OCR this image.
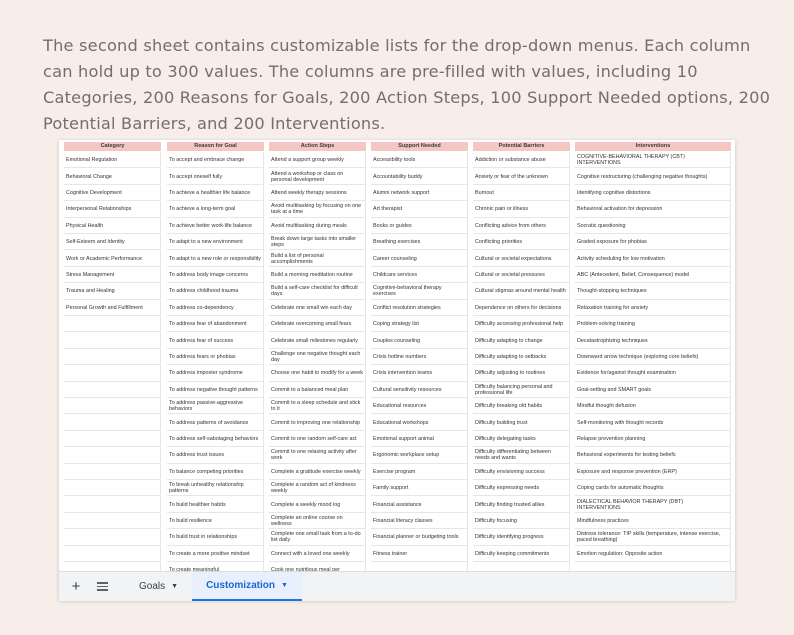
The second sheet contains customizable lists for the drop-down menus. Each column can hold up to 300 values. The columns are pre-filled with values, including 10 Categories, 200 Reasons for Goals, 200 Action Steps, 100 Support Needed options, 200 Potential Barriers, and 200 Interventions.

Category
Emotional Regulation
Behavioral Change
Cognitive Development
Interpersonal Relationships
Physical Health
Self-Esteem and Identity
Work or Academic Performance
Stress Management
Trauma and Healing
Personal Growth and Fulfillment
Reason for Goal
To accept and embrace change
To accept oneself fully
To achieve a healthier life balance
To achieve a long-term goal
To achieve better work-life balance
To adapt to a new environment
To adapt to a new role or responsibility
To address body image concerns
To address childhood trauma
To address co-dependency
To address fear of abandonment
To address fear of success
To address fears or phobias
To address imposter syndrome
To address negative thought patterns
To address passive-aggressive behaviors
To address patterns of avoidance
To address self-sabotaging behaviors
To address trust issues
To balance competing priorities
To break unhealthy relationship patterns
To build healthier habits
To build resilience
To build trust in relationships
To create a more positive mindset
Action Steps
Attend a support group weekly
Attend a workshop or class on personal development
Attend weekly therapy sessions
Avoid multitasking by focusing on one task at a time
Avoid multitasking during meals
Break down large tasks into smaller steps
Build a list of personal accomplishments
Build a morning meditation routine
Build a self-care checklist for difficult days
Celebrate one small win each day
Celebrate overcoming small fears
Celebrate small milestones regularly
Challenge one negative thought each day
Choose one habit to modify for a week
Commit to a balanced meal plan
Commit to a sleep schedule and stick to it
Commit to improving one relationship
Commit to one random self-care act
Commit to one relaxing activity after work
Complete a gratitude exercise weekly
Complete a random act of kindness weekly
Complete a weekly mood log
Complete an online course on wellness
Complete one small task from a to-do list daily
Connect with a loved one weekly
Support Needed
Accessibility tools
Accountability buddy
Alumni network support
Art therapist
Books or guides
Breathing exercises
Career counseling
Childcare services
Cognitive-behavioral therapy exercises
Conflict resolution strategies
Coping strategy list
Couples counseling
Crisis hotline numbers
Crisis intervention teams
Cultural sensitivity resources
Educational resources
Educational workshops
Emotional support animal
Ergonomic workplace setup
Exercise program
Family support
Financial assistance
Financial literacy classes
Financial planner or budgeting tools
Fitness trainer
Potential Barriers
Addiction or substance abuse
Anxiety or fear of the unknown
Burnout
Chronic pain or illness
Conflicting advice from others
Conflicting priorities
Cultural or societal expectations
Cultural or societal pressures
Cultural stigmas around mental health
Dependence on others for decisions
Difficulty accessing professional help
Difficulty adapting to change
Difficulty adapting to setbacks
Difficulty adjusting to routines
Difficulty balancing personal and professional life
Difficulty breaking old habits
Difficulty building trust
Difficulty delegating tasks
Difficulty differentiating between needs and wants
Difficulty envisioning success
Difficulty expressing needs
Difficulty finding trusted allies
Difficulty focusing
Difficulty identifying progress
Difficulty keeping commitments
Interventions
COGNITIVE-BEHAVIORAL THERAPY (CBT) INTERVENTIONS
Cognitive restructuring (challenging negative thoughts)
Identifying cognitive distortions
Behavioral activation for depression
Socratic questioning
Graded exposure for phobias
Activity scheduling for low motivation
ABC (Antecedent, Belief, Consequence) model
Thought-stopping techniques
Relaxation training for anxiety
Problem-solving training
Decatastrophizing techniques
Downward arrow technique (exploring core beliefs)
Evidence for/against thought examination
Goal-setting and SMART goals
Mindful thought defusion
Self-monitoring with thought records
Relapse prevention planning
Behavioral experiments for testing beliefs
Exposure and response prevention (ERP)
Coping cards for automatic thoughts
DIALECTICAL BEHAVIOR THERAPY (DBT) INTERVENTIONS
Mindfulness practices
Distress tolerance: TIP skills (temperature, intense exercise, paced breathing)
Emotion regulation: Opposite action
+	Goals ▼	Customization ▼
